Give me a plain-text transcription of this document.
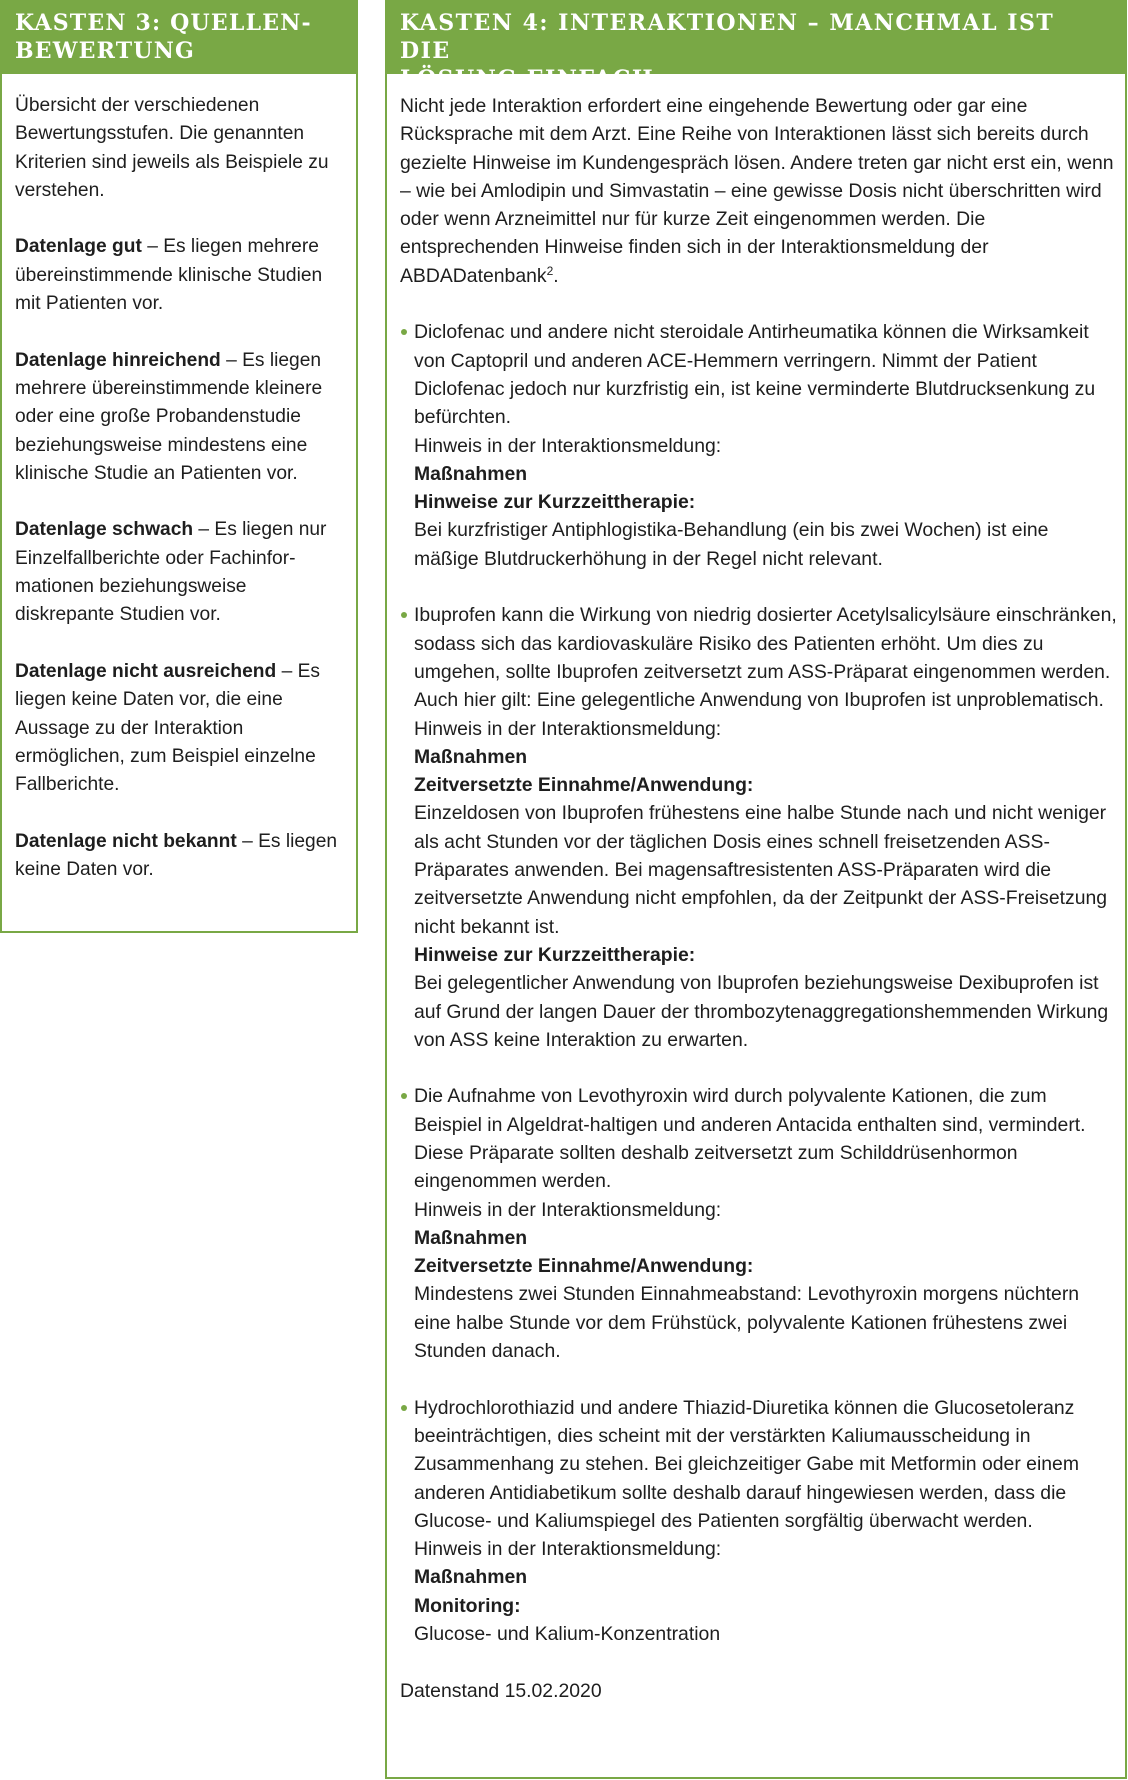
KASTEN 3: QUELLEN-
BEWERTUNG

Übersicht der verschiedenen Bewertungsstufen. Die genannten Kriterien sind jeweils als Beispiele zu verstehen.

Datenlage gut – Es liegen mehrere übereinstimmende klinische Studien mit Patienten vor.

Datenlage hinreichend – Es liegen mehrere übereinstimmende kleinere oder eine große Probandenstudie beziehungsweise mindestens eine klinische Studie an Patienten vor.

Datenlage schwach – Es liegen nur Einzelfallberichte oder Fachinformationen beziehungsweise diskrepante Studien vor.

Datenlage nicht ausreichend – Es liegen keine Daten vor, die eine Aussage zu der Interaktion ermöglichen, zum Beispiel einzelne Fallberichte.

Datenlage nicht bekannt – Es liegen keine Daten vor.

KASTEN 4: INTERAKTIONEN – MANCHMAL IST DIE
LÖSUNG EINFACH

Nicht jede Interaktion erfordert eine eingehende Bewertung oder gar eine Rücksprache mit dem Arzt. Eine Reihe von Interaktionen lässt sich bereits durch gezielte Hinweise im Kundengespräch lösen. Andere treten gar nicht erst ein, wenn – wie bei Amlodipin und Simvastatin – eine gewisse Dosis nicht überschritten wird oder wenn Arzneimittel nur für kurze Zeit eingenommen werden. Die entsprechenden Hinweise finden sich in der Interaktionsmeldung der ABDADatenbank$^2$.

Diclofenac und andere nicht steroidale Antirheumatika können die Wirksamkeit von Captopril und anderen ACE-Hemmern verringern. Nimmt der Patient Diclofenac jedoch nur kurzfristig ein, ist keine verminderte Blutdrucksenkung zu befürchten.
Hinweis in der Interaktionsmeldung:
Maßnahmen
Hinweise zur Kurzzeittherapie:
Bei kurzfristiger Antiphlogistika-Behandlung (ein bis zwei Wochen) ist eine mäßige Blutdruckerhöhung in der Regel nicht relevant.
Ibuprofen kann die Wirkung von niedrig dosierter Acetylsalicylsäure einschränken, sodass sich das kardiovaskuläre Risiko des Patienten erhöht. Um dies zu umgehen, sollte Ibuprofen zeitversetzt zum ASS-Präparat eingenommen werden. Auch hier gilt: Eine gelegentliche Anwendung von Ibuprofen ist unproblematisch.
Hinweis in der Interaktionsmeldung:
Maßnahmen
Zeitversetzte Einnahme/Anwendung:
Einzeldosen von Ibuprofen frühestens eine halbe Stunde nach und nicht weniger als acht Stunden vor der täglichen Dosis eines schnell freisetzenden ASS-Präparates anwenden. Bei magensaftresistenten ASS-Präparaten wird die zeitversetzte Anwendung nicht empfohlen, da der Zeitpunkt der ASS-Freisetzung nicht bekannt ist.
Hinweise zur Kurzzeittherapie:
Bei gelegentlicher Anwendung von Ibuprofen beziehungsweise Dexibuprofen ist auf Grund der langen Dauer der thrombozytenaggregationshemmenden Wirkung von ASS keine Interaktion zu erwarten.
Die Aufnahme von Levothyroxin wird durch polyvalente Kationen, die zum Beispiel in Algeldrat-haltigen und anderen Antacida enthalten sind, vermindert. Diese Präparate sollten deshalb zeitversetzt zum Schilddrüsenhormon eingenommen werden.
Hinweis in der Interaktionsmeldung:
Maßnahmen
Zeitversetzte Einnahme/Anwendung:
Mindestens zwei Stunden Einnahmeabstand: Levothyroxin morgens nüchtern eine halbe Stunde vor dem Frühstück, polyvalente Kationen frühestens zwei Stunden danach.
Hydrochlorothiazid und andere Thiazid-Diuretika können die Glucosetoleranz beeinträchtigen, dies scheint mit der verstärkten Kaliumausscheidung in Zusammenhang zu stehen. Bei gleichzeitiger Gabe mit Metformin oder einem anderen Antidiabetikum sollte deshalb darauf hingewiesen werden, dass die Glucose- und Kaliumspiegel des Patienten sorgfältig überwacht werden.
Hinweis in der Interaktionsmeldung:
Maßnahmen
Monitoring:
Glucose- und Kalium-Konzentration

Datenstand 15.02.2020
